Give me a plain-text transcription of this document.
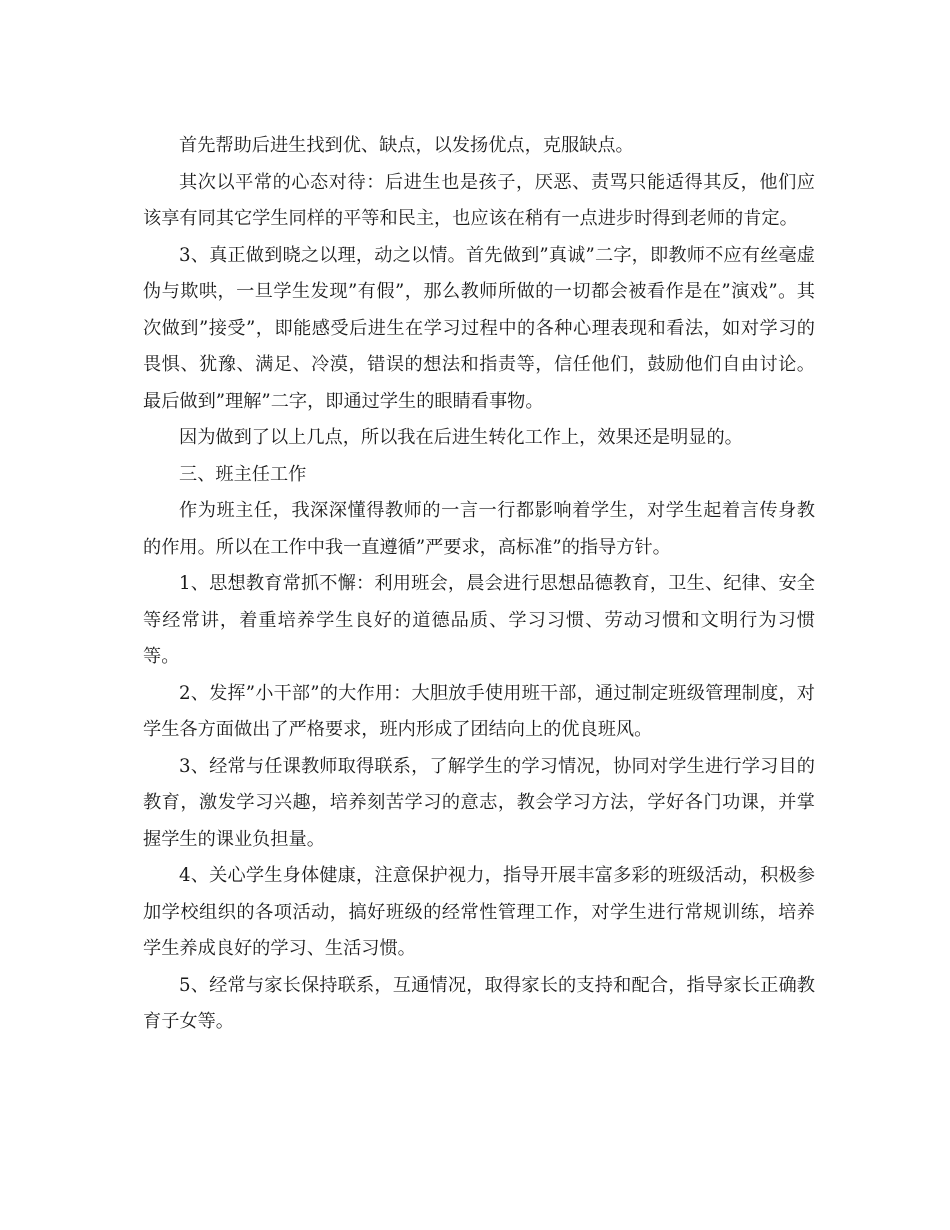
首先帮助后进生找到优、缺点，以发扬优点，克服缺点。

其次以平常的心态对待：后进生也是孩子，厌恶、责骂只能适得其反，他们应该享有同其它学生同样的平等和民主，也应该在稍有一点进步时得到老师的肯定。

3、真正做到晓之以理，动之以情。首先做到”真诚”二字，即教师不应有丝毫虚伪与欺哄，一旦学生发现”有假”，那么教师所做的一切都会被看作是在”演戏”。其次做到”接受”，即能感受后进生在学习过程中的各种心理表现和看法，如对学习的畏惧、犹豫、满足、冷漠，错误的想法和指责等，信任他们，鼓励他们自由讨论。最后做到”理解”二字，即通过学生的眼睛看事物。

因为做到了以上几点，所以我在后进生转化工作上，效果还是明显的。

三、班主任工作

作为班主任，我深深懂得教师的一言一行都影响着学生，对学生起着言传身教的作用。所以在工作中我一直遵循”严要求，高标准”的指导方针。

1、思想教育常抓不懈：利用班会，晨会进行思想品德教育，卫生、纪律、安全等经常讲，着重培养学生良好的道德品质、学习习惯、劳动习惯和文明行为习惯等。

2、发挥”小干部”的大作用：大胆放手使用班干部，通过制定班级管理制度，对学生各方面做出了严格要求，班内形成了团结向上的优良班风。

3、经常与任课教师取得联系，了解学生的学习情况，协同对学生进行学习目的教育，激发学习兴趣，培养刻苦学习的意志，教会学习方法，学好各门功课，并掌握学生的课业负担量。

4、关心学生身体健康，注意保护视力，指导开展丰富多彩的班级活动，积极参加学校组织的各项活动，搞好班级的经常性管理工作，对学生进行常规训练，培养学生养成良好的学习、生活习惯。

5、经常与家长保持联系，互通情况，取得家长的支持和配合，指导家长正确教育子女等。
